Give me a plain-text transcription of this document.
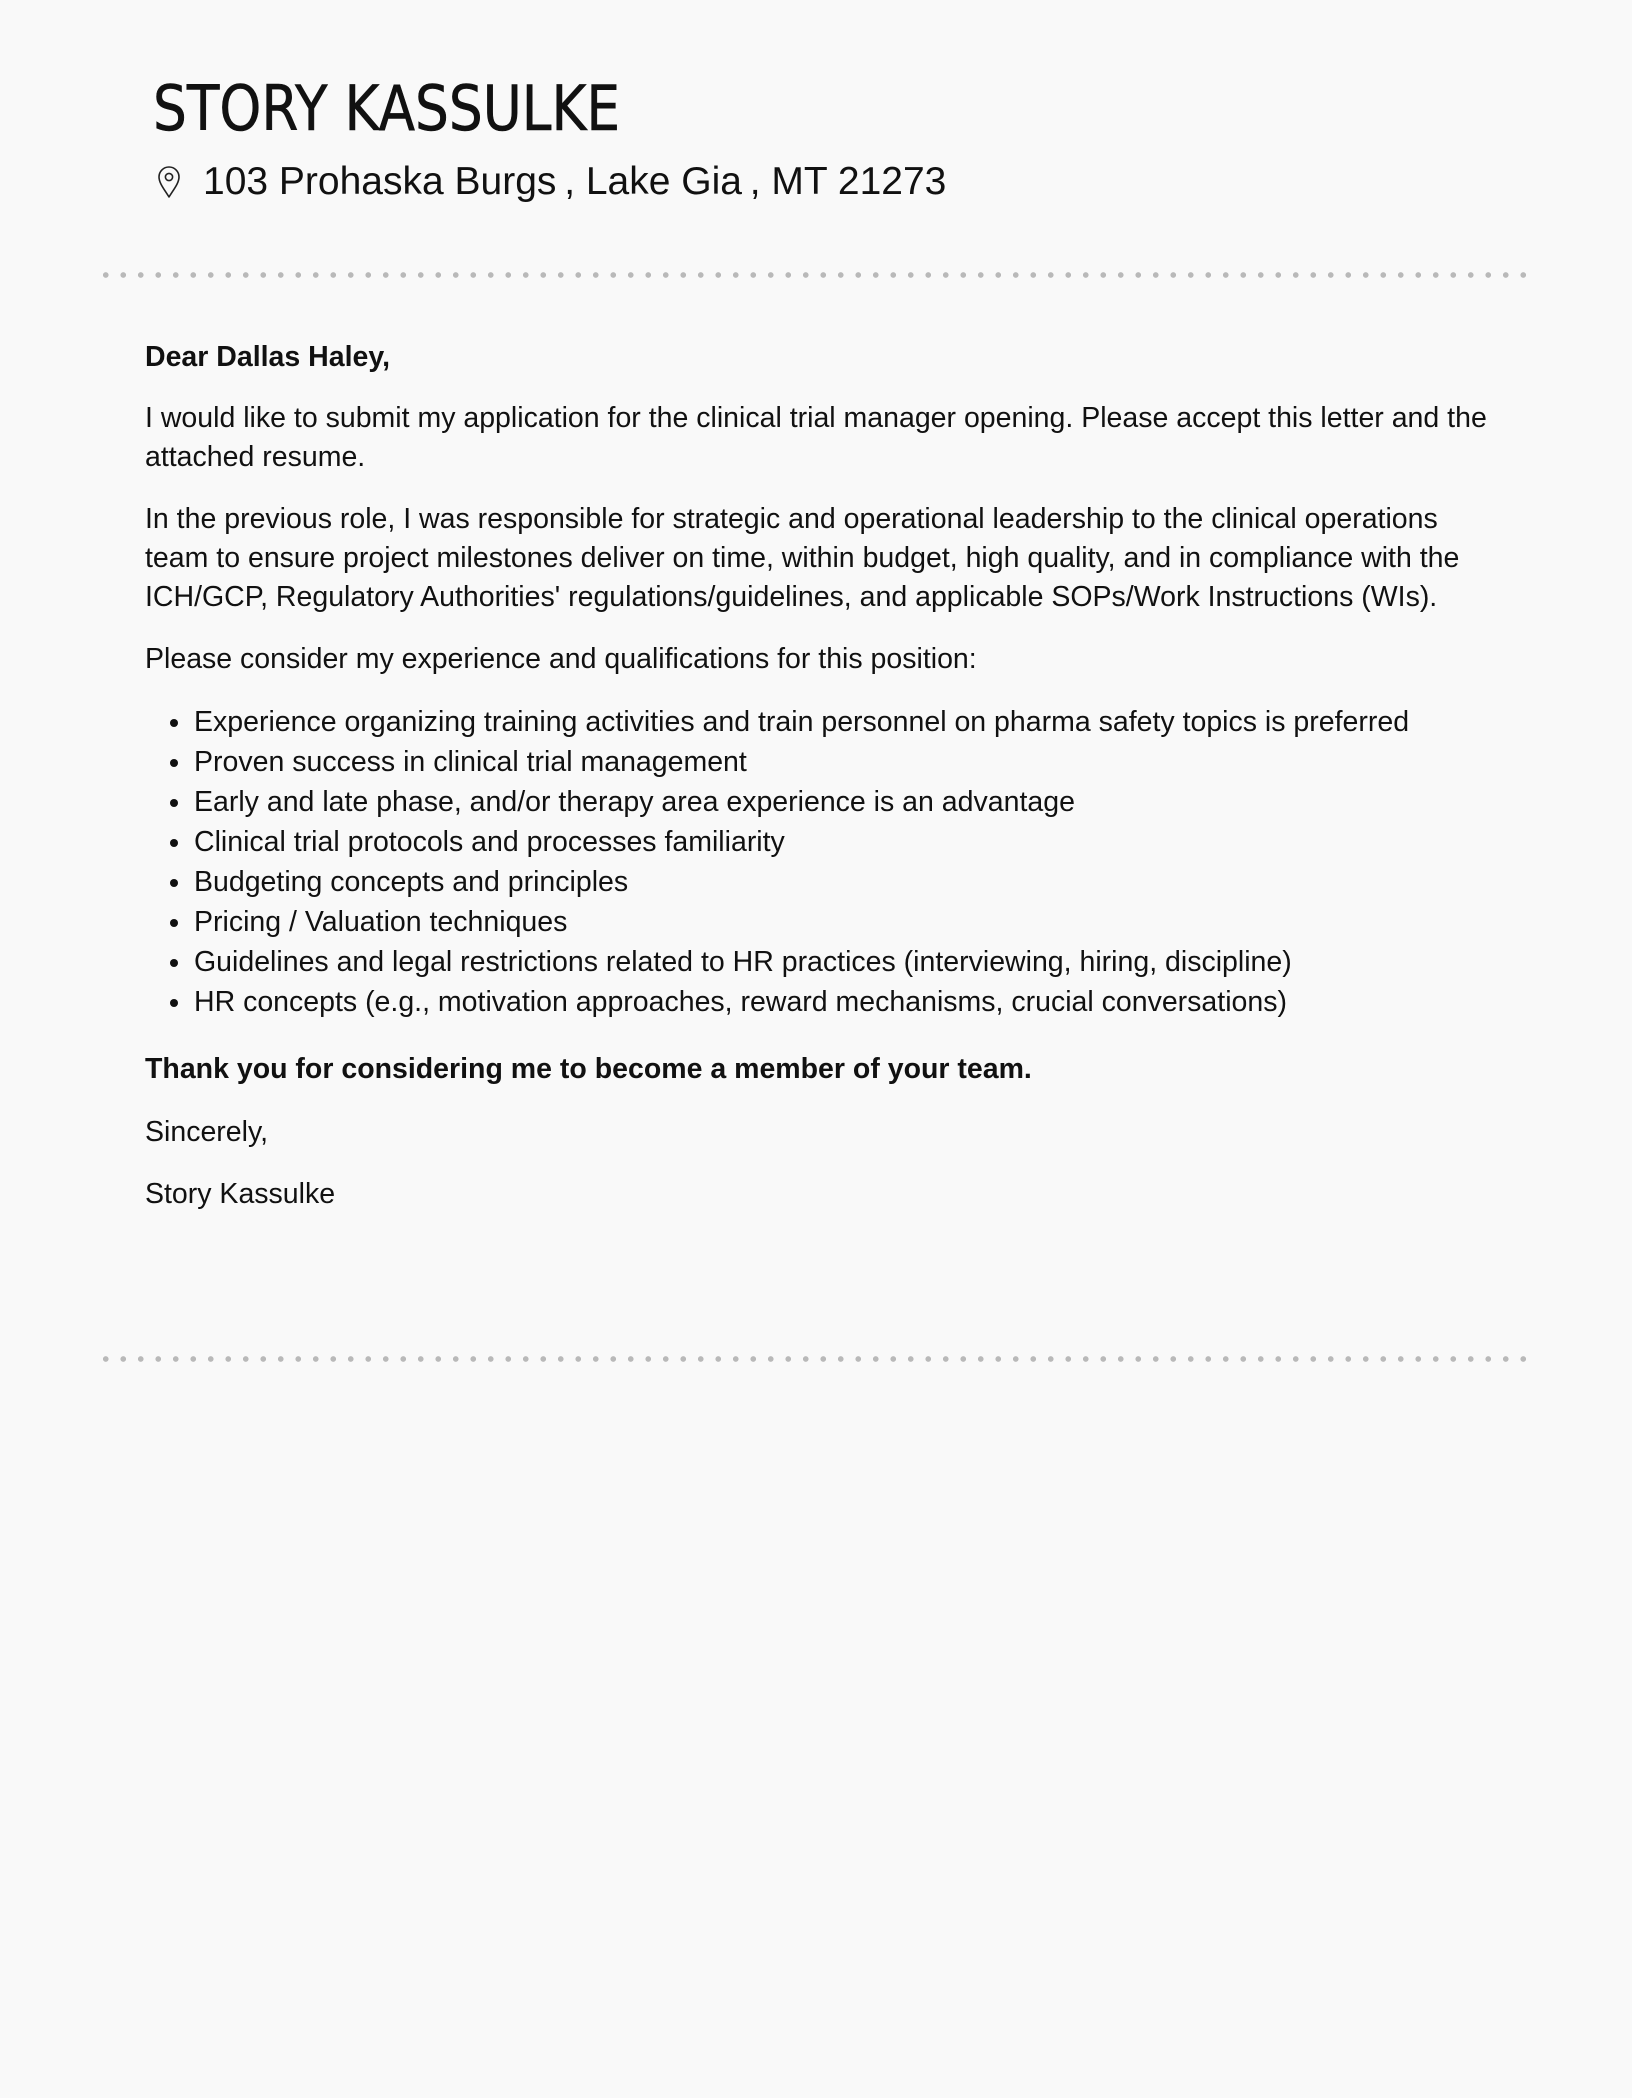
STORY KASSULKE
103 Prohaska Burgs , Lake Gia , MT 21273

Dear Dallas Haley,

I would like to submit my application for the clinical trial manager opening. Please accept this letter and the attached resume.

In the previous role, I was responsible for strategic and operational leadership to the clinical operations team to ensure project milestones deliver on time, within budget, high quality, and in compliance with the ICH/GCP, Regulatory Authorities' regulations/guidelines, and applicable SOPs/Work Instructions (WIs).

Please consider my experience and qualifications for this position:

Experience organizing training activities and train personnel on pharma safety topics is preferred
Proven success in clinical trial management
Early and late phase, and/or therapy area experience is an advantage
Clinical trial protocols and processes familiarity
Budgeting concepts and principles
Pricing / Valuation techniques
Guidelines and legal restrictions related to HR practices (interviewing, hiring, discipline)
HR concepts (e.g., motivation approaches, reward mechanisms, crucial conversations)

Thank you for considering me to become a member of your team.

Sincerely,

Story Kassulke
